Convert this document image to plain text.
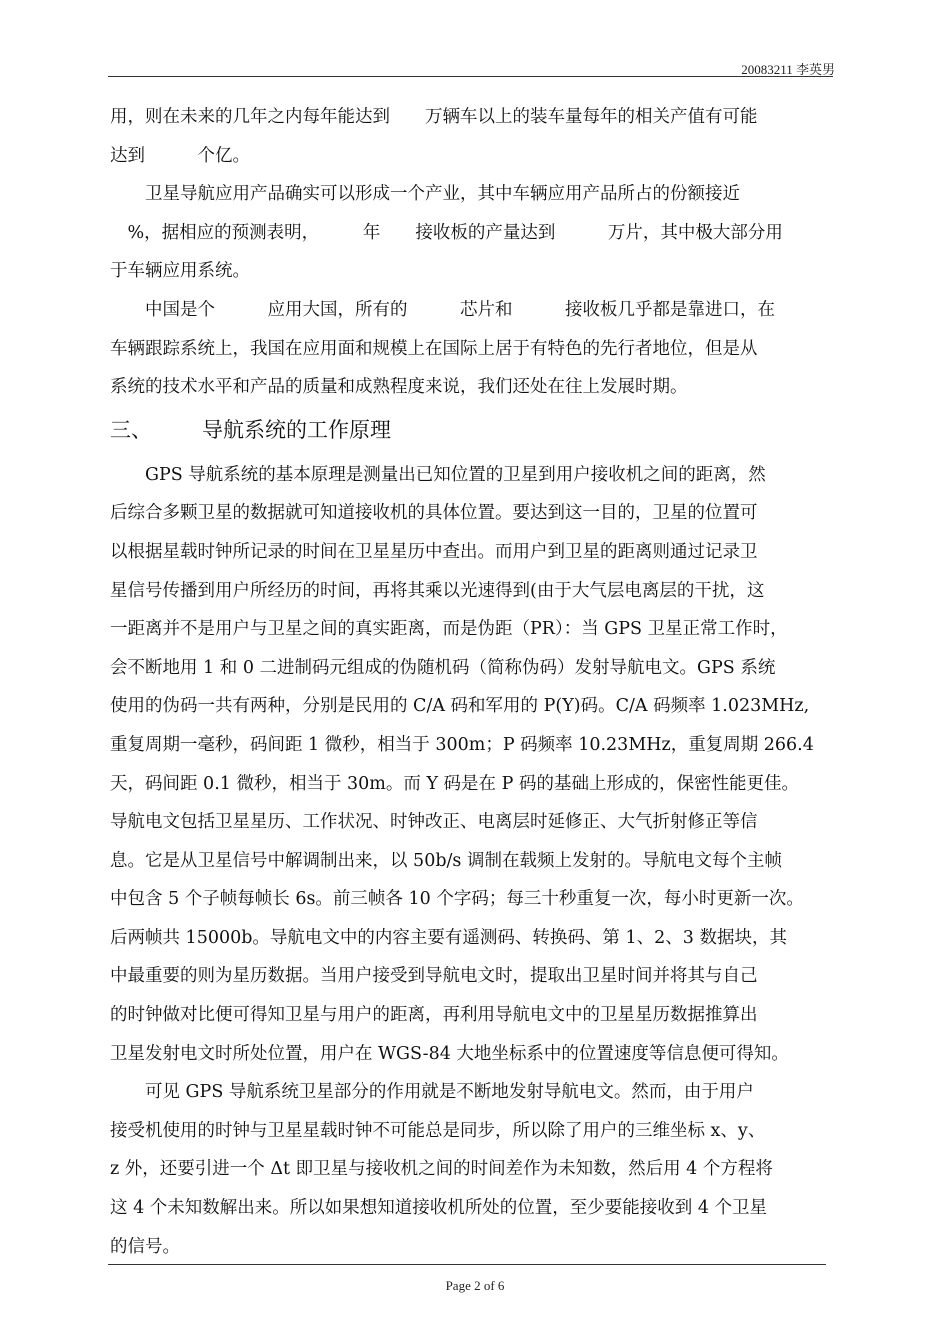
20083211 李英男

用，则在未来的几年之内每年能达到　　万辆车以上的装车量每年的相关产值有可能
达到　　　个亿。

　　卫星导航应用产品确实可以形成一个产业，其中车辆应用产品所占的份额接近
　%，据相应的预测表明，　　　年　　接收板的产量达到　　　万片，其中极大部分用
于车辆应用系统。

　　中国是个　　　应用大国，所有的　　　芯片和　　　接收板几乎都是靠进口，在
车辆跟踪系统上，我国在应用面和规模上在国际上居于有特色的先行者地位，但是从
系统的技术水平和产品的质量和成熟程度来说，我们还处在往上发展时期。

三、 导航系统的工作原理

　　GPS 导航系统的基本原理是测量出已知位置的卫星到用户接收机之间的距离，然
后综合多颗卫星的数据就可知道接收机的具体位置。要达到这一目的，卫星的位置可
以根据星载时钟所记录的时间在卫星星历中查出。而用户到卫星的距离则通过记录卫
星信号传播到用户所经历的时间，再将其乘以光速得到(由于大气层电离层的干扰，这
一距离并不是用户与卫星之间的真实距离，而是伪距（PR）：当 GPS 卫星正常工作时，
会不断地用 1 和 0 二进制码元组成的伪随机码（简称伪码）发射导航电文。GPS 系统
使用的伪码一共有两种，分别是民用的 C/A 码和军用的 P(Y)码。C/A 码频率 1.023MHz,
重复周期一毫秒，码间距 1 微秒，相当于 300m；P 码频率 10.23MHz，重复周期 266.4
天，码间距 0.1 微秒，相当于 30m。而 Y 码是在 P 码的基础上形成的，保密性能更佳。
导航电文包括卫星星历、工作状况、时钟改正、电离层时延修正、大气折射修正等信
息。它是从卫星信号中解调制出来，以 50b/s 调制在载频上发射的。导航电文每个主帧
中包含 5 个子帧每帧长 6s。前三帧各 10 个字码；每三十秒重复一次，每小时更新一次。
后两帧共 15000b。导航电文中的内容主要有遥测码、转换码、第 1、2、3 数据块，其
中最重要的则为星历数据。当用户接受到导航电文时，提取出卫星时间并将其与自己
的时钟做对比便可得知卫星与用户的距离，再利用导航电文中的卫星星历数据推算出
卫星发射电文时所处位置，用户在 WGS-84 大地坐标系中的位置速度等信息便可得知。

　　可见 GPS 导航系统卫星部分的作用就是不断地发射导航电文。然而，由于用户
接受机使用的时钟与卫星星载时钟不可能总是同步，所以除了用户的三维坐标 x、y、
z 外，还要引进一个 Δt 即卫星与接收机之间的时间差作为未知数，然后用 4 个方程将
这 4 个未知数解出来。所以如果想知道接收机所处的位置，至少要能接收到 4 个卫星
的信号。

Page 2 of 6
